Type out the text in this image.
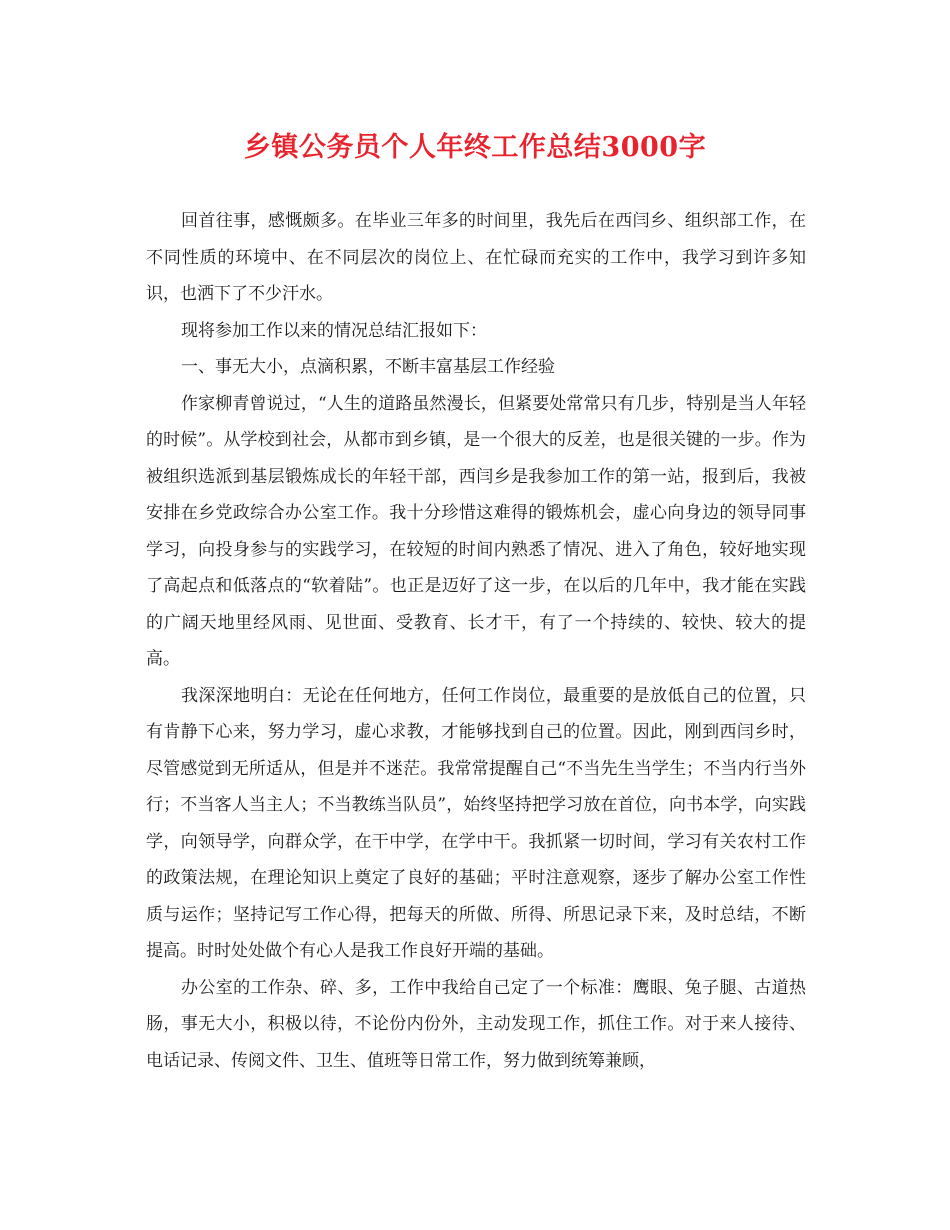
乡镇公务员个人年终工作总结3000字

回首往事，感慨颇多。在毕业三年多的时间里，我先后在西闫乡、组织部工作，在不同性质的环境中、在不同层次的岗位上、在忙碌而充实的工作中，我学习到许多知识，也洒下了不少汗水。

现将参加工作以来的情况总结汇报如下：

一、事无大小，点滴积累，不断丰富基层工作经验

作家柳青曾说过，“人生的道路虽然漫长，但紧要处常常只有几步，特别是当人年轻的时候”。从学校到社会，从都市到乡镇，是一个很大的反差，也是很关键的一步。作为被组织选派到基层锻炼成长的年轻干部，西闫乡是我参加工作的第一站，报到后，我被安排在乡党政综合办公室工作。我十分珍惜这难得的锻炼机会，虚心向身边的领导同事学习，向投身参与的实践学习，在较短的时间内熟悉了情况、进入了角色，较好地实现了高起点和低落点的“软着陆”。也正是迈好了这一步，在以后的几年中，我才能在实践的广阔天地里经风雨、见世面、受教育、长才干，有了一个持续的、较快、较大的提高。

我深深地明白：无论在任何地方，任何工作岗位，最重要的是放低自己的位置，只有肯静下心来，努力学习，虚心求教，才能够找到自己的位置。因此，刚到西闫乡时，尽管感觉到无所适从，但是并不迷茫。我常常提醒自己“不当先生当学生；不当内行当外行；不当客人当主人；不当教练当队员”，始终坚持把学习放在首位，向书本学，向实践学，向领导学，向群众学，在干中学，在学中干。我抓紧一切时间，学习有关农村工作的政策法规，在理论知识上奠定了良好的基础；平时注意观察，逐步了解办公室工作性质与运作；坚持记写工作心得，把每天的所做、所得、所思记录下来，及时总结，不断提高。时时处处做个有心人是我工作良好开端的基础。

办公室的工作杂、碎、多，工作中我给自己定了一个标准：鹰眼、兔子腿、古道热肠，事无大小，积极以待，不论份内份外，主动发现工作，抓住工作。对于来人接待、电话记录、传阅文件、卫生、值班等日常工作，努力做到统筹兼顾，
